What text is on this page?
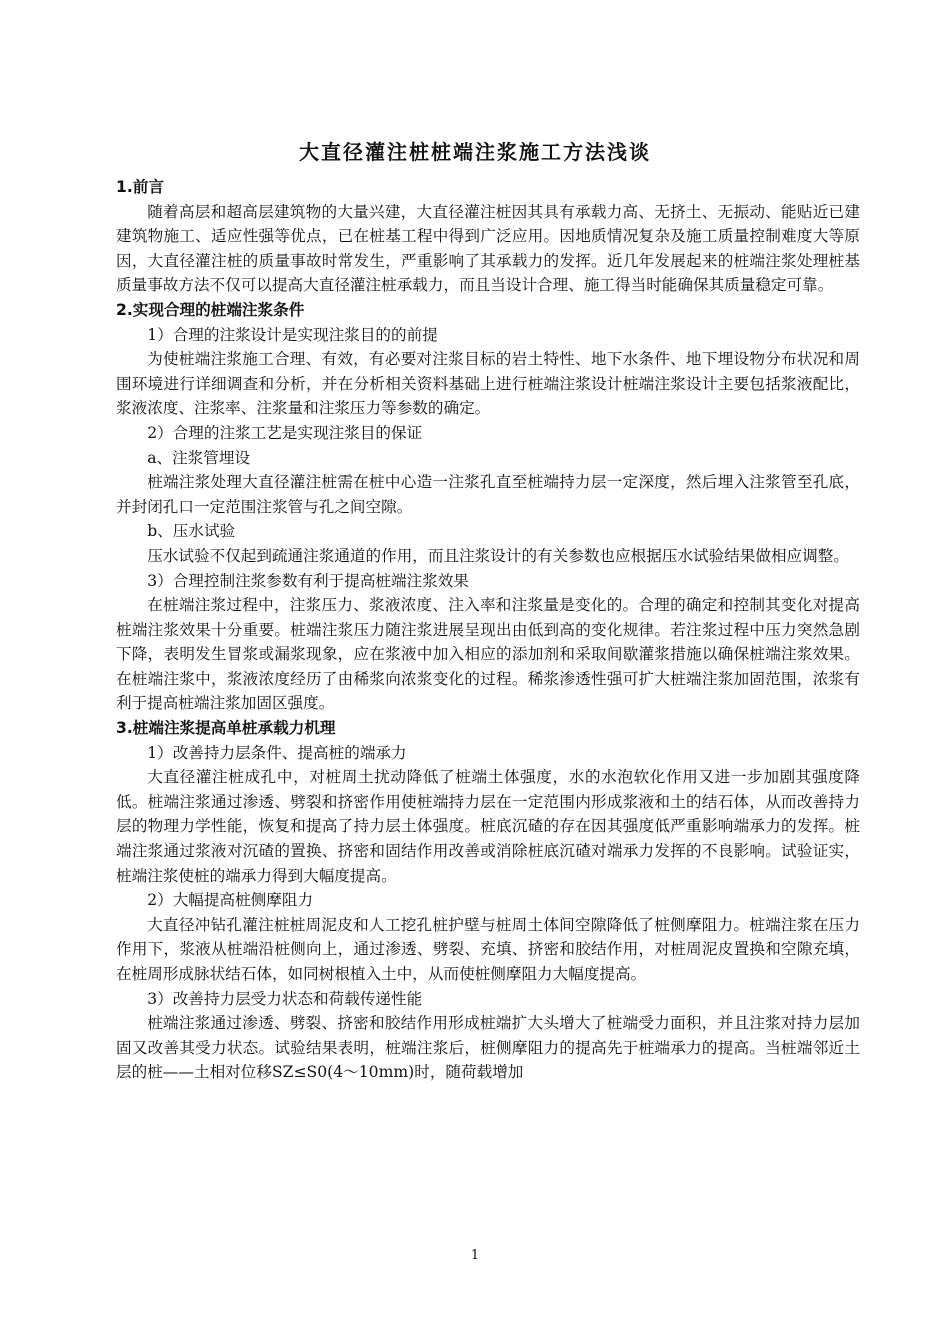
大直径灌注桩桩端注浆施工方法浅谈

1.前言

随着高层和超高层建筑物的大量兴建，大直径灌注桩因其具有承载力高、无挤土、无振动、能贴近已建建筑物施工、适应性强等优点，已在桩基工程中得到广泛应用。因地质情况复杂及施工质量控制难度大等原因，大直径灌注桩的质量事故时常发生，严重影响了其承载力的发挥。近几年发展起来的桩端注浆处理桩基质量事故方法不仅可以提高大直径灌注桩承载力，而且当设计合理、施工得当时能确保其质量稳定可靠。

2.实现合理的桩端注浆条件

1）合理的注浆设计是实现注浆目的的前提

为使桩端注浆施工合理、有效，有必要对注浆目标的岩土特性、地下水条件、地下埋设物分布状况和周围环境进行详细调查和分析，并在分析相关资料基础上进行桩端注浆设计桩端注浆设计主要包括浆液配比，浆液浓度、注浆率、注浆量和注浆压力等参数的确定。

2）合理的注浆工艺是实现注浆目的保证

a、注浆管埋设

桩端注浆处理大直径灌注桩需在桩中心造一注浆孔直至桩端持力层一定深度，然后埋入注浆管至孔底，并封闭孔口一定范围注浆管与孔之间空隙。

b、压水试验

压水试验不仅起到疏通注浆通道的作用，而且注浆设计的有关参数也应根据压水试验结果做相应调整。

3）合理控制注浆参数有利于提高桩端注浆效果

在桩端注浆过程中，注浆压力、浆液浓度、注入率和注浆量是变化的。合理的确定和控制其变化对提高桩端注浆效果十分重要。桩端注浆压力随注浆进展呈现出由低到高的变化规律。若注浆过程中压力突然急剧下降，表明发生冒浆或漏浆现象，应在浆液中加入相应的添加剂和采取间歇灌浆措施以确保桩端注浆效果。在桩端注浆中，浆液浓度经历了由稀浆向浓浆变化的过程。稀浆渗透性强可扩大桩端注浆加固范围，浓浆有利于提高桩端注浆加固区强度。

3.桩端注浆提高单桩承载力机理

1）改善持力层条件、提高桩的端承力

大直径灌注桩成孔中，对桩周土扰动降低了桩端土体强度，水的水泡软化作用又进一步加剧其强度降低。桩端注浆通过渗透、劈裂和挤密作用使桩端持力层在一定范围内形成浆液和土的结石体，从而改善持力层的物理力学性能，恢复和提高了持力层土体强度。桩底沉碴的存在因其强度低严重影响端承力的发挥。桩端注浆通过浆液对沉碴的置换、挤密和固结作用改善或消除桩底沉碴对端承力发挥的不良影响。试验证实，桩端注浆使桩的端承力得到大幅度提高。

2）大幅提高桩侧摩阻力

大直径冲钻孔灌注桩桩周泥皮和人工挖孔桩护壁与桩周土体间空隙降低了桩侧摩阻力。桩端注浆在压力作用下，浆液从桩端沿桩侧向上，通过渗透、劈裂、充填、挤密和胶结作用，对桩周泥皮置换和空隙充填，在桩周形成脉状结石体，如同树根植入土中，从而使桩侧摩阻力大幅度提高。

3）改善持力层受力状态和荷载传递性能

桩端注浆通过渗透、劈裂、挤密和胶结作用形成桩端扩大头增大了桩端受力面积，并且注浆对持力层加固又改善其受力状态。试验结果表明，桩端注浆后，桩侧摩阻力的提高先于桩端承力的提高。当桩端邻近土层的桩——土相对位移SZ≤S0(4～10mm)时，随荷载增加

1
